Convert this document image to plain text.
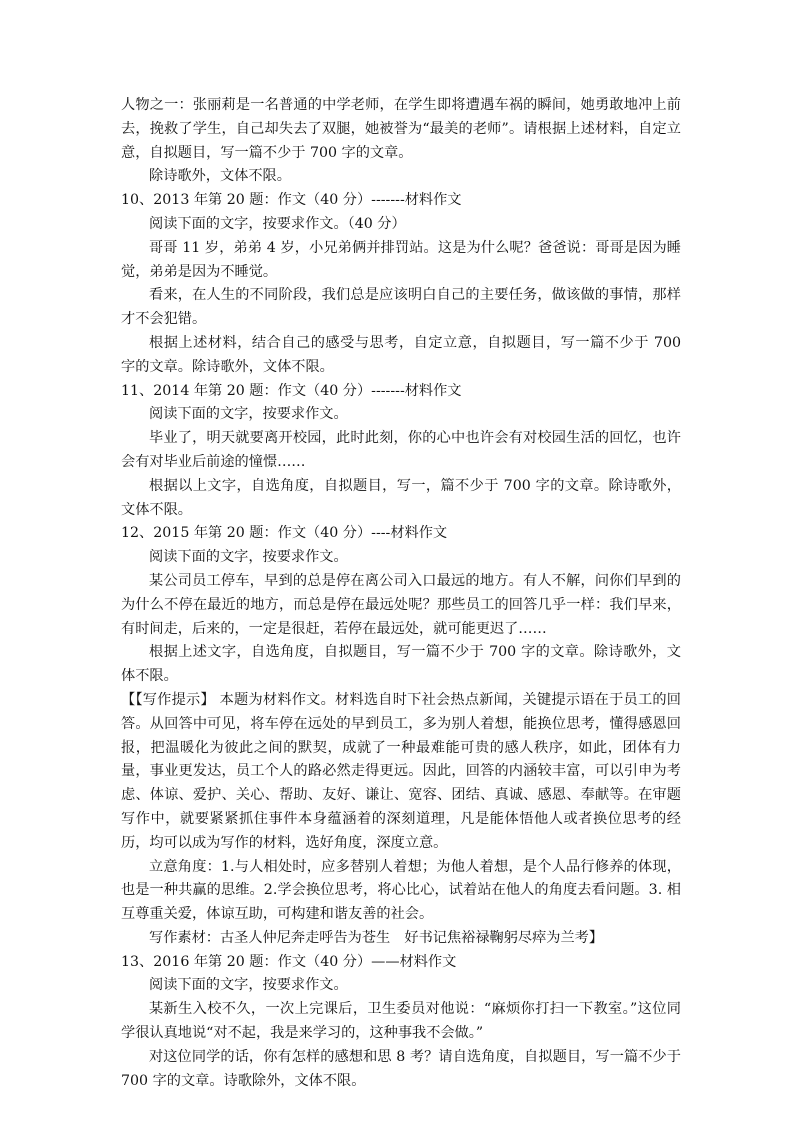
人物之一：张丽莉是一名普通的中学老师，在学生即将遭遇车祸的瞬间，她勇敢地冲上前去，挽救了学生，自己却失去了双腿，她被誉为“最美的老师”。请根据上述材料，自定立意，自拟题目，写一篇不少于 700 字的文章。

除诗歌外，文体不限。

10、2013 年第 20 题：作文（40 分）-------材料作文

阅读下面的文字，按要求作文。（40 分）

哥哥 11 岁，弟弟 4 岁，小兄弟俩并排罚站。这是为什么呢？爸爸说：哥哥是因为睡觉，弟弟是因为不睡觉。

看来，在人生的不同阶段，我们总是应该明白自己的主要任务，做该做的事情，那样才不会犯错。

根据上述材料，结合自己的感受与思考，自定立意，自拟题目，写一篇不少于 700 字的文章。除诗歌外，文体不限。

11、2014 年第 20 题：作文（40 分）-------材料作文

阅读下面的文字，按要求作文。

毕业了，明天就要离开校园，此时此刻，你的心中也许会有对校园生活的回忆，也许会有对毕业后前途的憧憬……

根据以上文字，自选角度，自拟题目，写一，篇不少于 700 字的文章。除诗歌外，文体不限。

12、2015 年第 20 题：作文（40 分）----材料作文

阅读下面的文字，按要求作文。

某公司员工停车，早到的总是停在离公司入口最远的地方。有人不解，问你们早到的 为什么不停在最近的地方，而总是停在最远处呢？那些员工的回答几乎一样：我们早来， 有时间走，后来的，一定是很赶，若停在最远处，就可能更迟了……

根据上述文字，自选角度，自拟题目，写一篇不少于 700 字的文章。除诗歌外，文体不限。

【【写作提示】 本题为材料作文。材料选自时下社会热点新闻，关键提示语在于员工的回答。从回答中可见，将车停在远处的早到员工，多为别人着想，能换位思考，懂得感恩回报，把温暖化为彼此之间的默契，成就了一种最难能可贵的感人秩序，如此，团体有力量，事业更发达，员工个人的路必然走得更远。因此，回答的内涵较丰富，可以引申为考虑、体谅、爱护、关心、帮助、友好、谦让、宽容、团结、真诚、感恩、奉献等。在审题写作中，就要紧紧抓住事件本身蕴涵着的深刻道理，凡是能体悟他人或者换位思考的经历，均可以成为写作的材料，选好角度，深度立意。

立意角度：1.与人相处时，应多替别人着想；为他人着想，是个人品行修养的体现，也是一种共赢的思维。2.学会换位思考，将心比心，试着站在他人的角度去看问题。3. 相互尊重关爱，体谅互助，可构建和谐友善的社会。

写作素材：古圣人仲尼奔走呼告为苍生　好书记焦裕禄鞠躬尽瘁为兰考】

13、2016 年第 20 题：作文（40 分）——材料作文

阅读下面的文字，按要求作文。

某新生入校不久，一次上完课后，卫生委员对他说：“麻烦你打扫一下教室。”这位同学很认真地说“对不起，我是来学习的，这种事我不会做。”

对这位同学的话，你有怎样的感想和思 8 考？请自选角度，自拟题目，写一篇不少于 700 字的文章。诗歌除外，文体不限。
